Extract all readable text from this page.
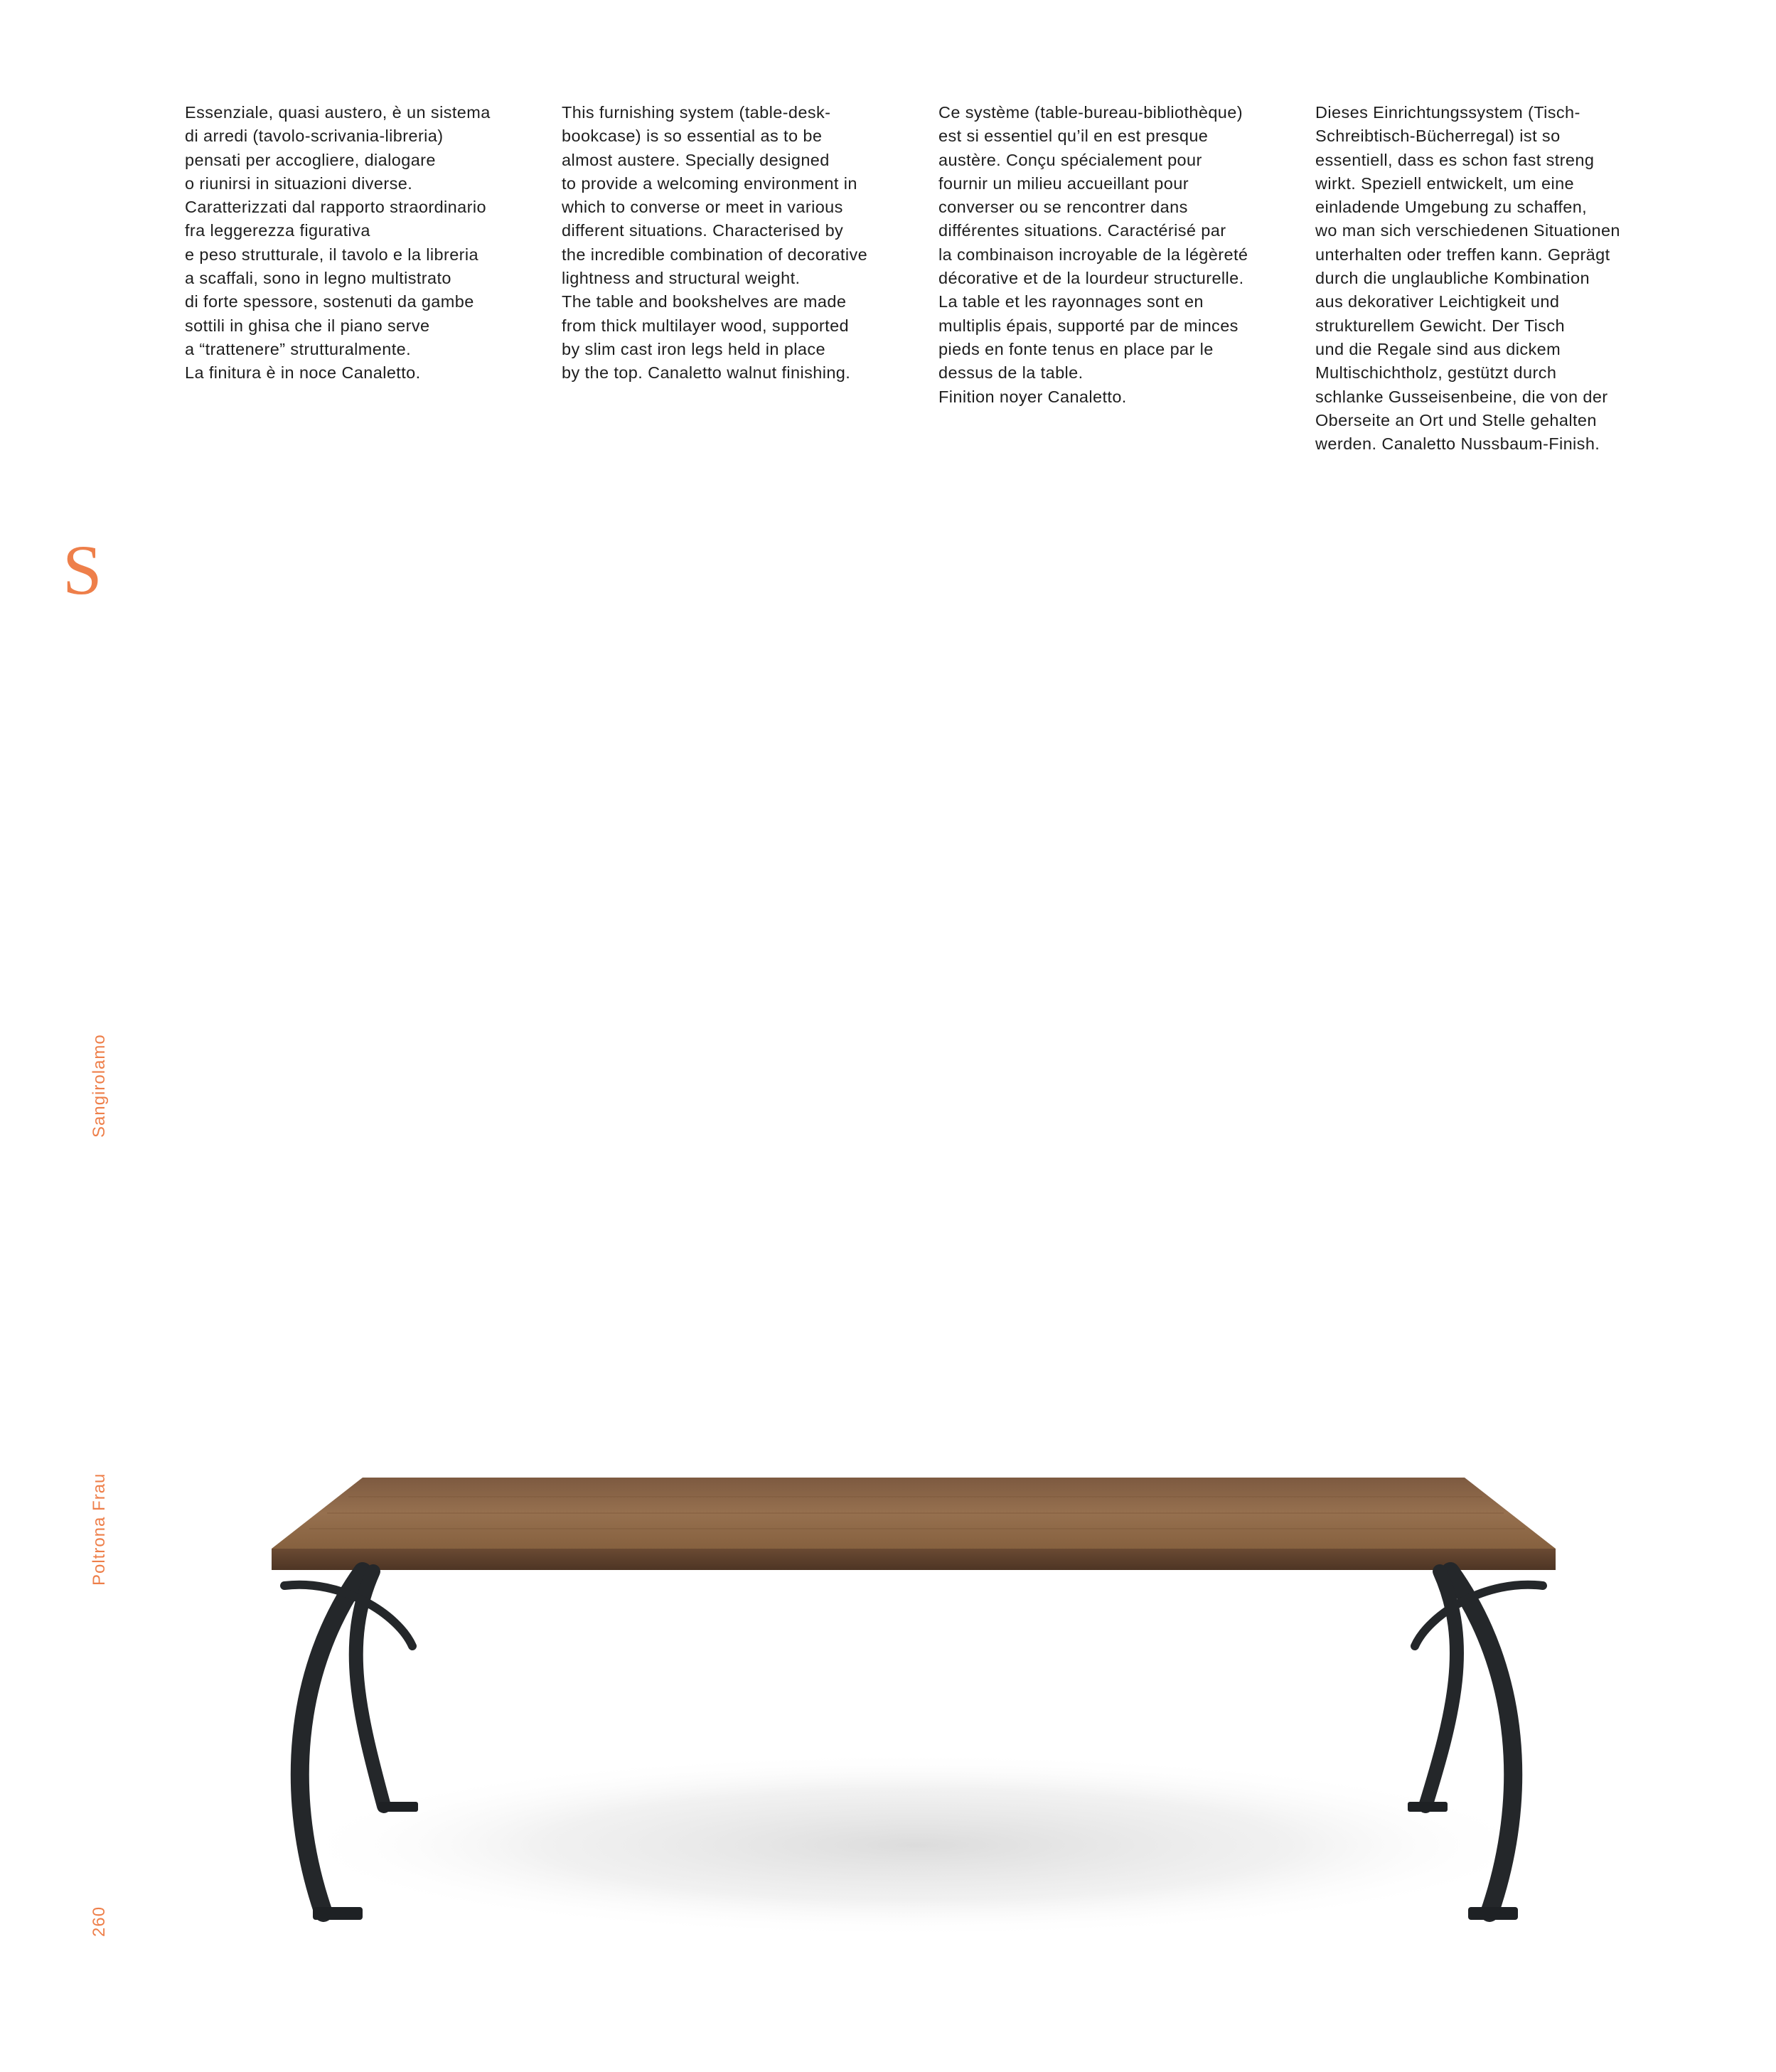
Essenziale, quasi austero, è un sistema

di arredi (tavolo-scrivania-libreria)

pensati per accogliere, dialogare

o riunirsi in situazioni diverse.

Caratterizzati dal rapporto straordinario

fra leggerezza figurativa

e peso strutturale, il tavolo e la libreria

a scaffali, sono in legno multistrato

di forte spessore, sostenuti da gambe

sottili in ghisa che il piano serve

a “trattenere” strutturalmente.

La finitura è in noce Canaletto.

This furnishing system (table-desk-

bookcase) is so essential as to be

almost austere. Specially designed

to provide a welcoming environment in

which to converse or meet in various

different situations. Characterised by

the incredible combination of decorative

lightness and structural weight.

The table and bookshelves are made

from thick multilayer wood, supported

by slim cast iron legs held in place

by the top. Canaletto walnut finishing.

Ce système (table-bureau-bibliothèque)

est si essentiel qu’il en est presque

austère. Conçu spécialement pour

fournir un milieu accueillant pour

converser ou se rencontrer dans

différentes situations. Caractérisé par

la combinaison incroyable de la légèreté

décorative et de la lourdeur structurelle.

La table et les rayonnages sont en

multiplis épais, supporté par de minces

pieds en fonte tenus en place par le

dessus de la table.

Finition noyer Canaletto.

Dieses Einrichtungssystem (Tisch-

Schreibtisch-Bücherregal) ist so

essentiell, dass es schon fast streng

wirkt. Speziell entwickelt, um eine

einladende Umgebung zu schaffen,

wo man sich verschiedenen Situationen

unterhalten oder treffen kann. Geprägt

durch die unglaubliche Kombination

aus dekorativer Leichtigkeit und

strukturellem Gewicht. Der Tisch

und die Regale sind aus dickem

Multischichtholz, gestützt durch

schlanke Gusseisenbeine, die von der

Oberseite an Ort und Stelle gehalten

werden. Canaletto Nussbaum-Finish.

S
Sangirolamo
Poltrona Frau
260
